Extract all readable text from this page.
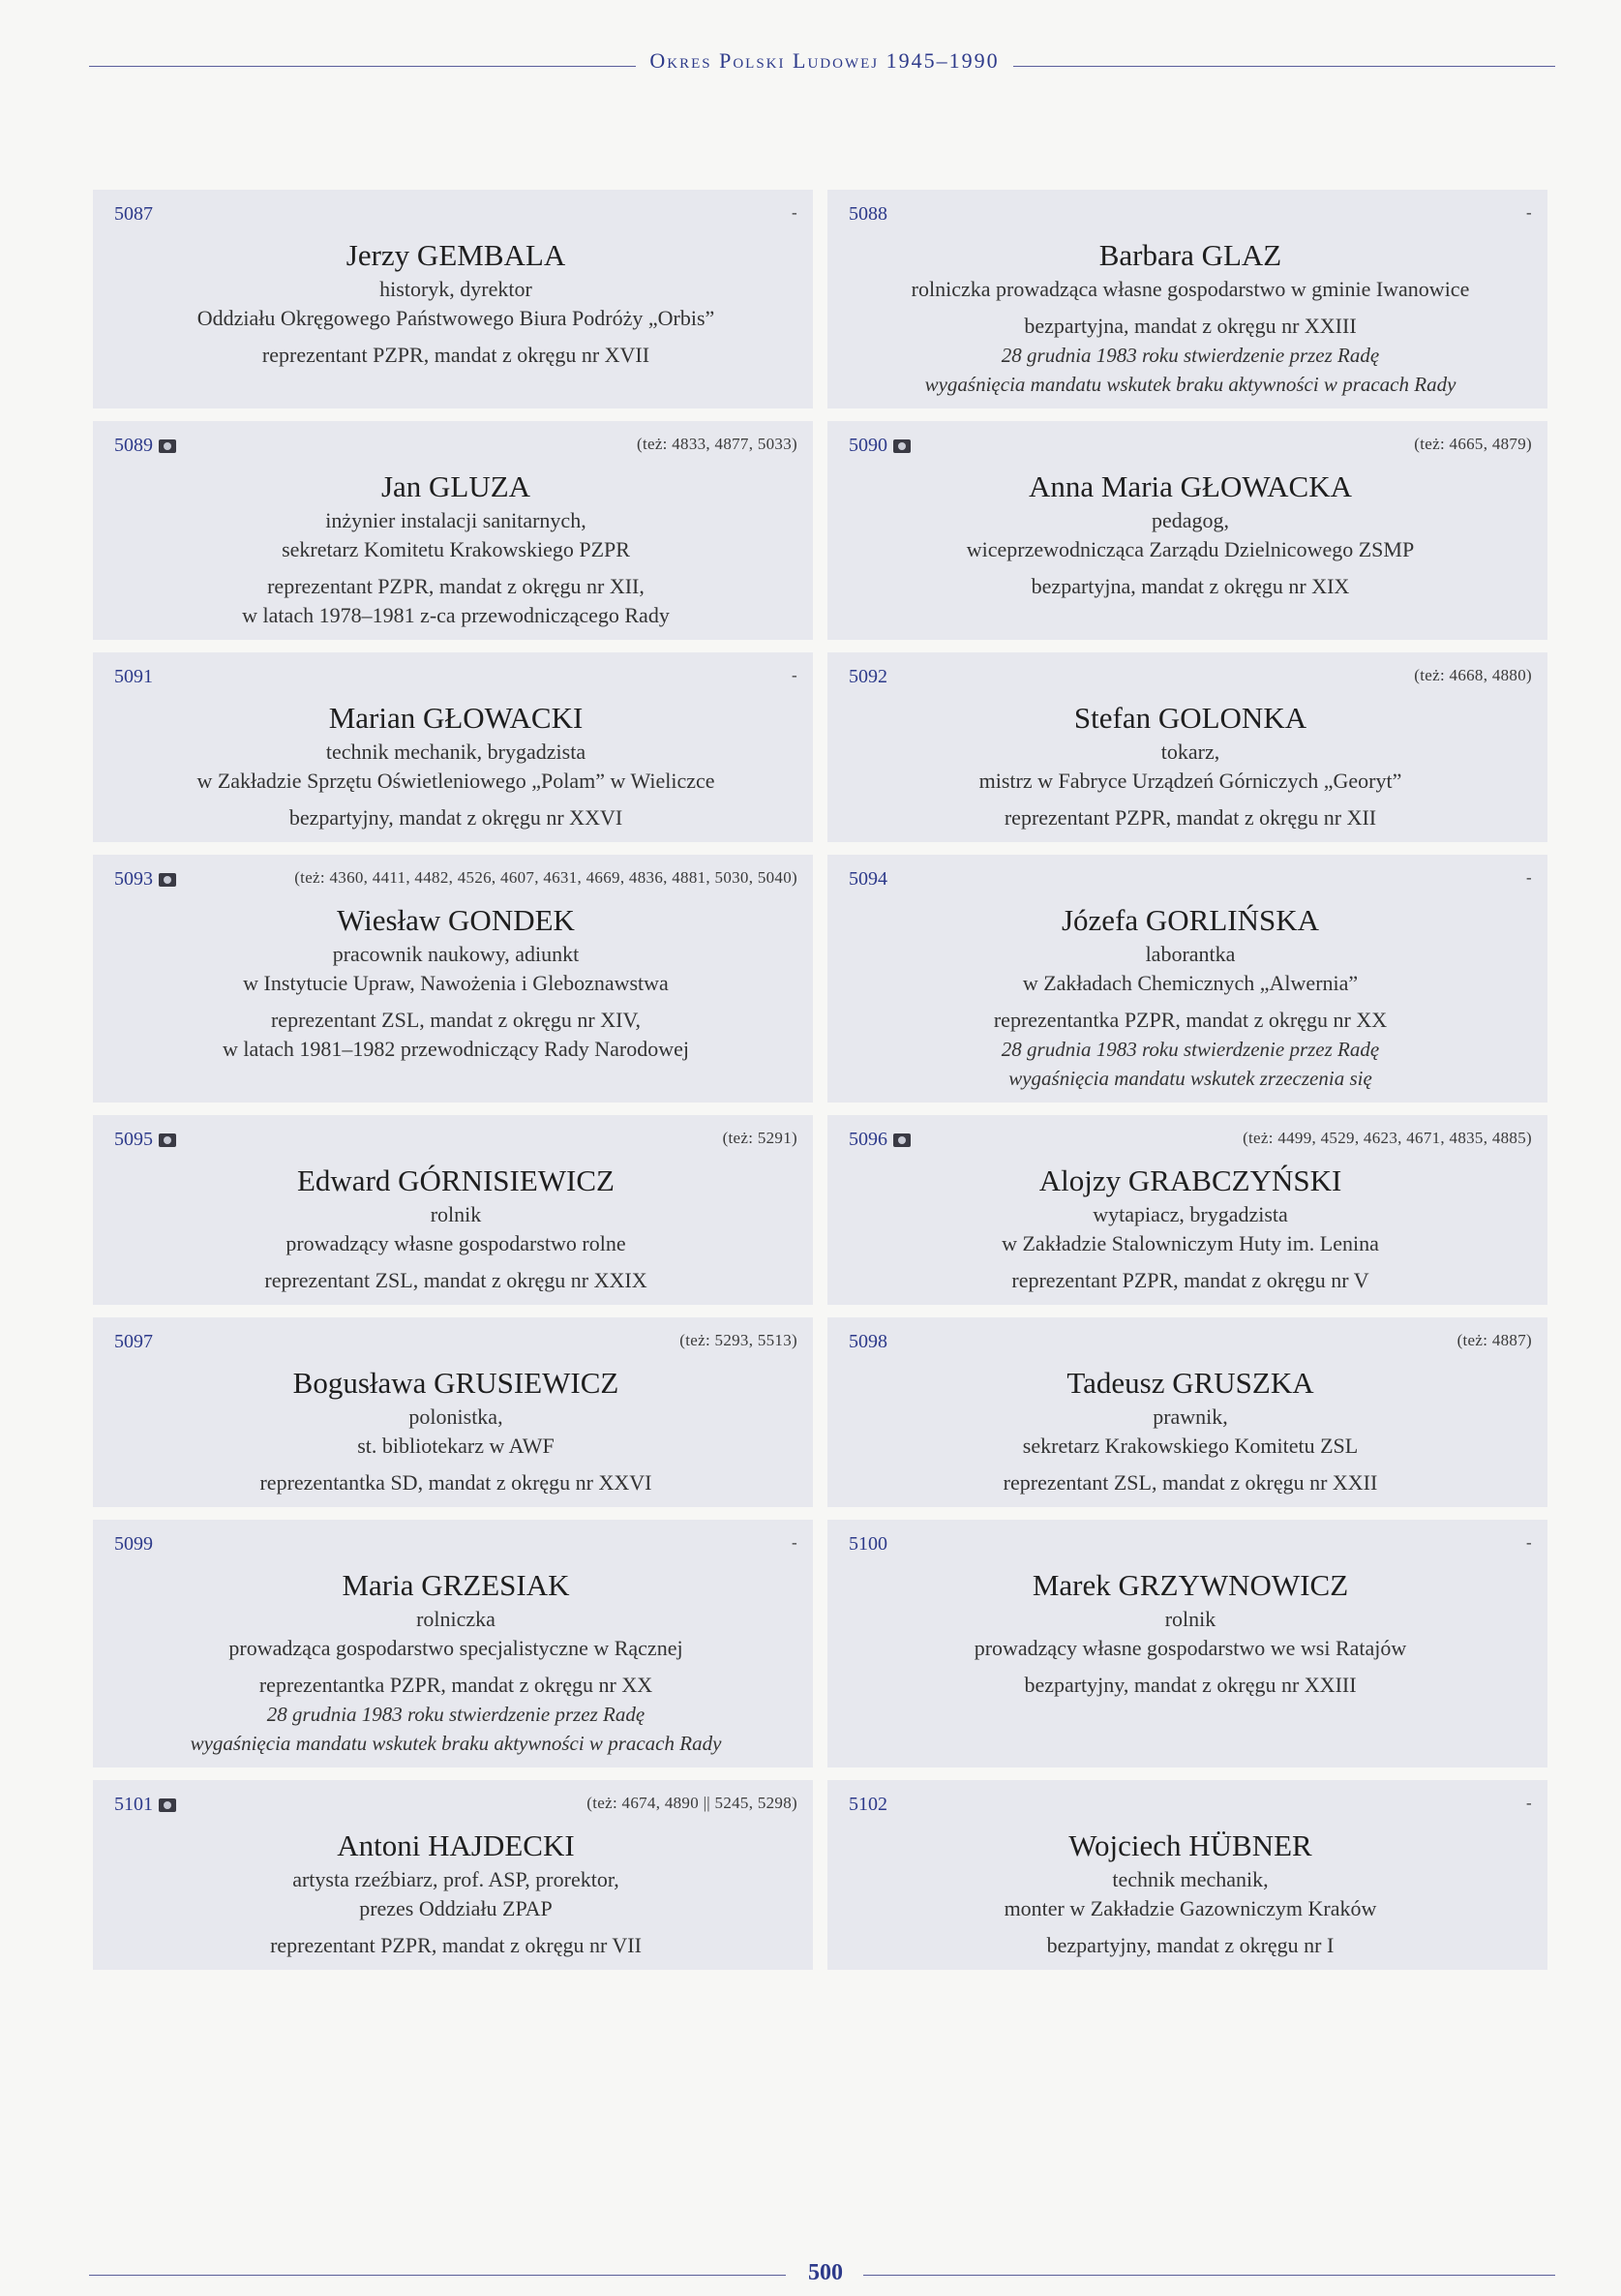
Okres Polski Ludowej 1945–1990
5087	-
Jerzy GEMBALA
historyk, dyrektor
Oddziału Okręgowego Państwowego Biura Podróży „Orbis”
reprezentant PZPR, mandat z okręgu nr XVII
5088	-
Barbara GLAZ
rolniczka prowadząca własne gospodarstwo w gminie Iwanowice
bezpartyjna, mandat z okręgu nr XXIII
28 grudnia 1983 roku stwierdzenie przez Radę
wygaśnięcia mandatu wskutek braku aktywności w pracach Rady
5089	(też: 4833, 4877, 5033)
Jan GLUZA
inżynier instalacji sanitarnych,
sekretarz Komitetu Krakowskiego PZPR
reprezentant PZPR, mandat z okręgu nr XII,
w latach 1978–1981 z-ca przewodniczącego Rady
5090	(też: 4665, 4879)
Anna Maria GŁOWACKA
pedagog,
wiceprzewodnicząca Zarządu Dzielnicowego ZSMP
bezpartyjna, mandat z okręgu nr XIX
5091	-
Marian GŁOWACKI
technik mechanik, brygadzista
w Zakładzie Sprzętu Oświetleniowego „Polam” w Wieliczce
bezpartyjny, mandat z okręgu nr XXVI
5092	(też: 4668, 4880)
Stefan GOLONKA
tokarz,
mistrz w Fabryce Urządzeń Górniczych „Georyt”
reprezentant PZPR, mandat z okręgu nr XII
5093	(też: 4360, 4411, 4482, 4526, 4607, 4631, 4669, 4836, 4881, 5030, 5040)
Wiesław GONDEK
pracownik naukowy, adiunkt
w Instytucie Upraw, Nawożenia i Gleboznawstwa
reprezentant ZSL, mandat z okręgu nr XIV,
w latach 1981–1982 przewodniczący Rady Narodowej
5094	-
Józefa GORLIŃSKA
laborantka
w Zakładach Chemicznych „Alwernia”
reprezentantka PZPR, mandat z okręgu nr XX
28 grudnia 1983 roku stwierdzenie przez Radę
wygaśnięcia mandatu wskutek zrzeczenia się
5095	(też: 5291)
Edward GÓRNISIEWICZ
rolnik
prowadzący własne gospodarstwo rolne
reprezentant ZSL, mandat z okręgu nr XXIX
5096	(też: 4499, 4529, 4623, 4671, 4835, 4885)
Alojzy GRABCZYŃSKI
wytapiacz, brygadzista
w Zakładzie Stalowniczym Huty im. Lenina
reprezentant PZPR, mandat z okręgu nr V
5097	(też: 5293, 5513)
Bogusława GRUSIEWICZ
polonistka,
st. bibliotekarz w AWF
reprezentantka SD, mandat z okręgu nr XXVI
5098	(też: 4887)
Tadeusz GRUSZKA
prawnik,
sekretarz Krakowskiego Komitetu ZSL
reprezentant ZSL, mandat z okręgu nr XXII
5099	-
Maria GRZESIAK
rolniczka
prowadząca gospodarstwo specjalistyczne w Rącznej
reprezentantka PZPR, mandat z okręgu nr XX
28 grudnia 1983 roku stwierdzenie przez Radę
wygaśnięcia mandatu wskutek braku aktywności w pracach Rady
5100	-
Marek GRZYWNOWICZ
rolnik
prowadzący własne gospodarstwo we wsi Ratajów
bezpartyjny, mandat z okręgu nr XXIII
5101	(też: 4674, 4890 || 5245, 5298)
Antoni HAJDECKI
artysta rzeźbiarz, prof. ASP, prorektor,
prezes Oddziału ZPAP
reprezentant PZPR, mandat z okręgu nr VII
5102	-
Wojciech HÜBNER
technik mechanik,
monter w Zakładzie Gazowniczym Kraków
bezpartyjny, mandat z okręgu nr I
500
